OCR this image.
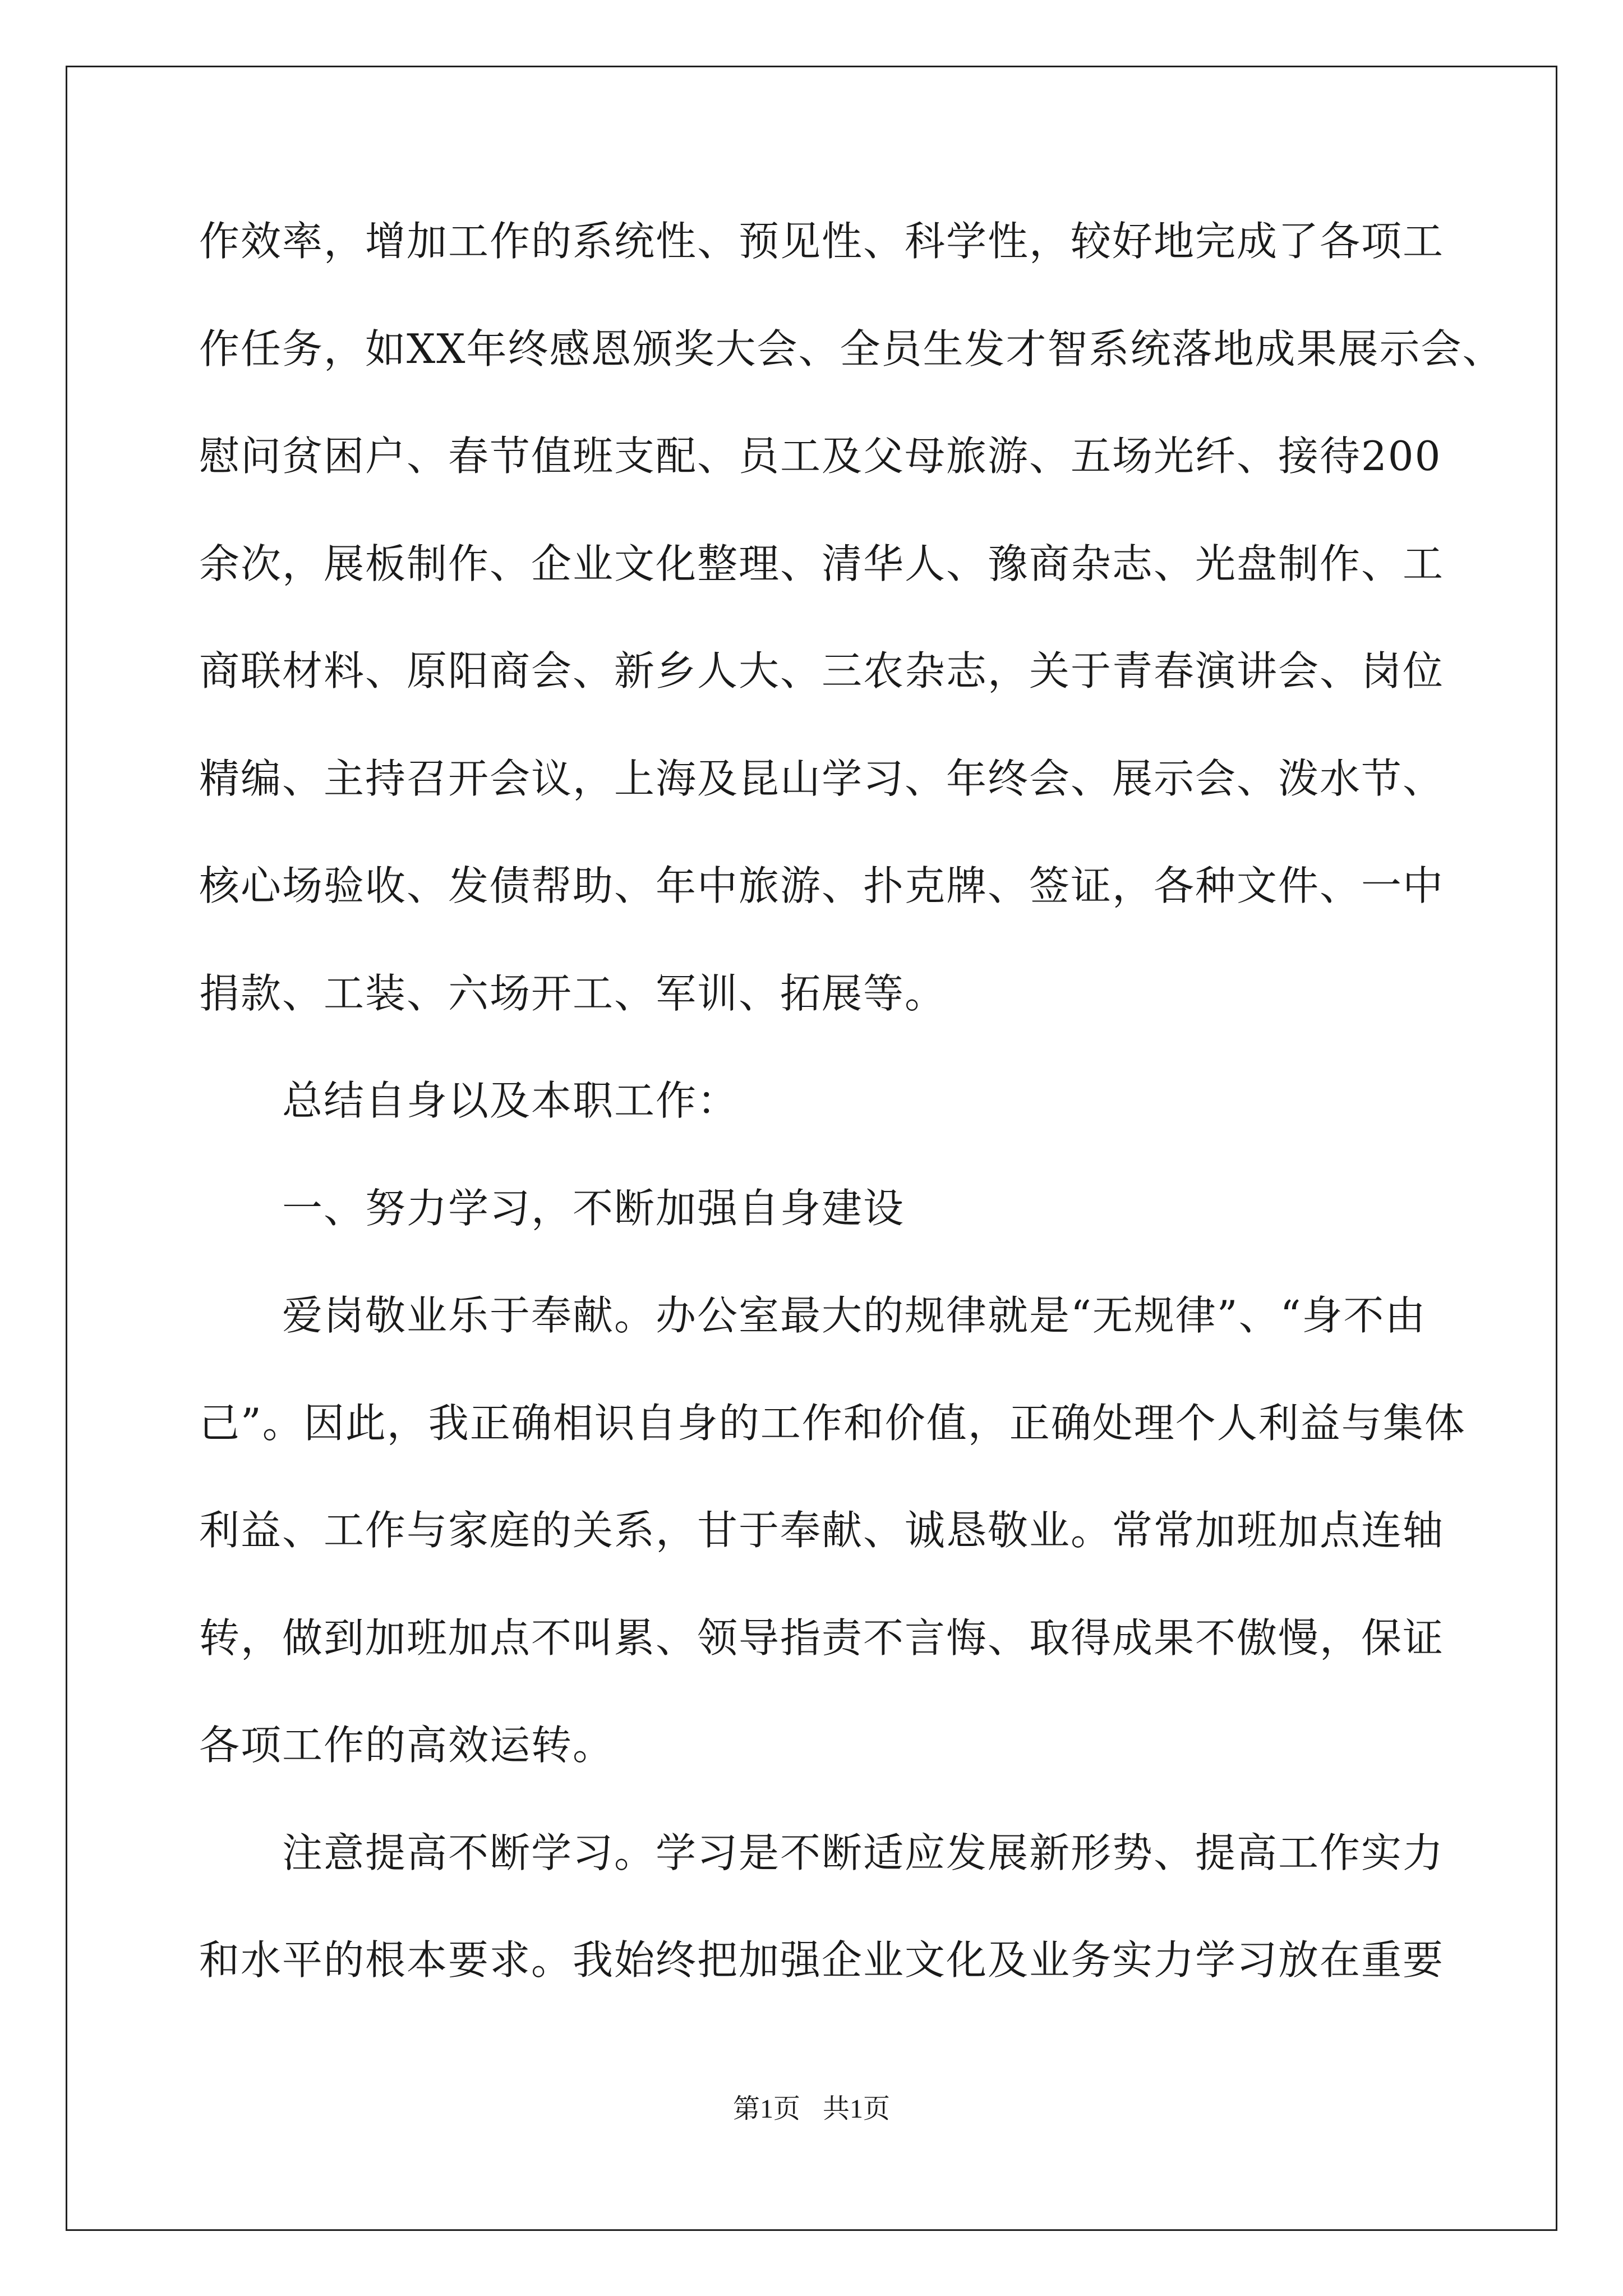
作效率，增加工作的系统性、预见性、科学性，较好地完成了各项工
作任务，如XX年终感恩颁奖大会、全员生发才智系统落地成果展示会、
慰问贫困户、春节值班支配、员工及父母旅游、五场光纤、接待200
余次，展板制作、企业文化整理、清华人、豫商杂志、光盘制作、工
商联材料、原阳商会、新乡人大、三农杂志，关于青春演讲会、岗位
精编、主持召开会议，上海及昆山学习、年终会、展示会、泼水节、
核心场验收、发债帮助、年中旅游、扑克牌、签证，各种文件、一中
捐款、工装、六场开工、军训、拓展等。
总结自身以及本职工作：
一、努力学习，不断加强自身建设
爱岗敬业乐于奉献。办公室最大的规律就是“无规律”、“身不由
己”。因此，我正确相识自身的工作和价值，正确处理个人利益与集体
利益、工作与家庭的关系，甘于奉献、诚恳敬业。常常加班加点连轴
转，做到加班加点不叫累、领导指责不言悔、取得成果不傲慢，保证
各项工作的高效运转。
注意提高不断学习。学习是不断适应发展新形势、提高工作实力
和水平的根本要求。我始终把加强企业文化及业务实力学习放在重要
第1页 共1页
